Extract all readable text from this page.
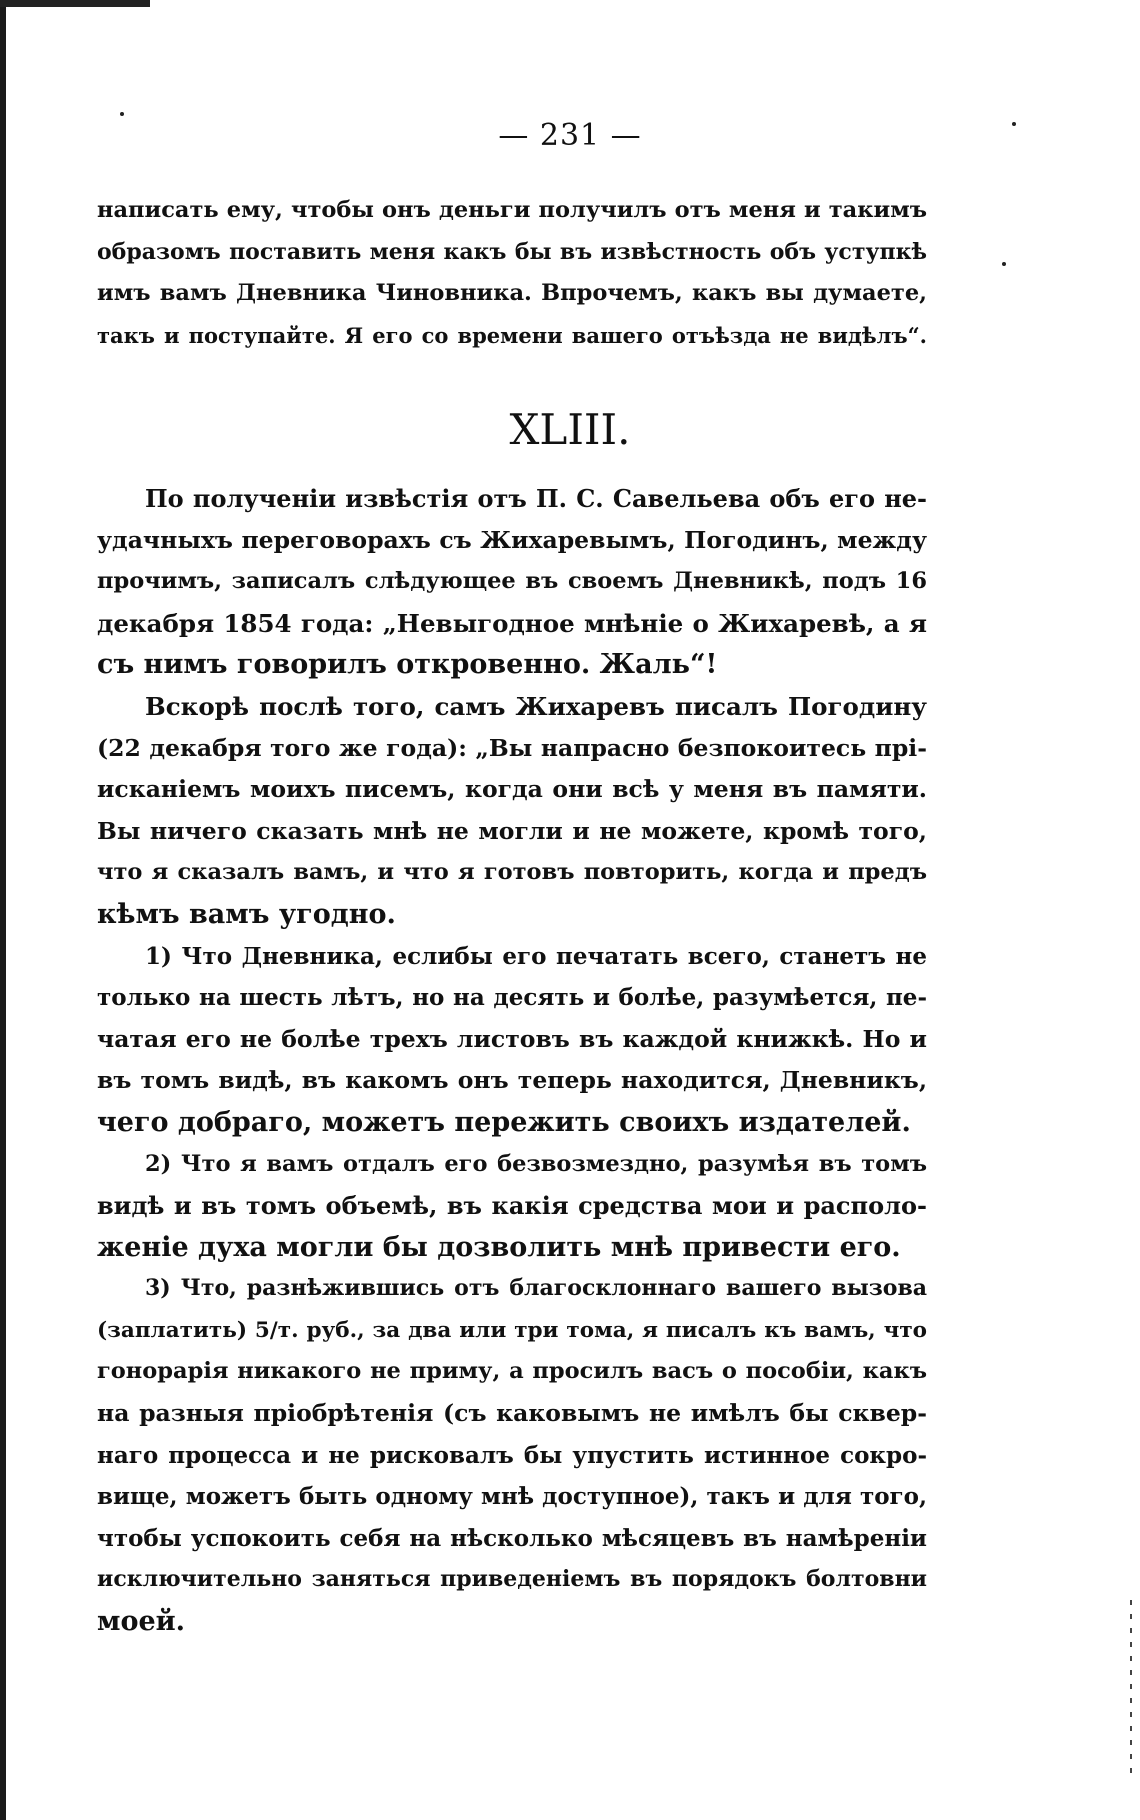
— 231 —
написать ему, чтобы онъ деньги получилъ отъ меня и такимъ
образомъ поставить меня какъ бы въ извѣстность объ уступкѣ
имъ вамъ Дневника Чиновника. Впрочемъ, какъ вы думаете,
такъ и поступайте. Я его со времени вашего отъѣзда не видѣлъ“.
XLIII.
По полученіи извѣстія отъ П. С. Савельева объ его не-
удачныхъ переговорахъ съ Жихаревымъ, Погодинъ, между
прочимъ, записалъ слѣдующее въ своемъ Дневникѣ, подъ 16
декабря 1854 года: „Невыгодное мнѣніе о Жихаревѣ, а я
съ нимъ говорилъ откровенно. Жаль“!
Вскорѣ послѣ того, самъ Жихаревъ писалъ Погодину
(22 декабря того же года): „Вы напрасно безпокоитесь прі-
исканіемъ моихъ писемъ, когда они всѣ у меня въ памяти.
Вы ничего сказать мнѣ не могли и не можете, кромѣ того,
что я сказалъ вамъ, и что я готовъ повторить, когда и предъ
кѣмъ вамъ угодно.
1) Что Дневника, еслибы его печатать всего, станетъ не
только на шесть лѣтъ, но на десять и болѣе, разумѣется, пе-
чатая его не болѣе трехъ листовъ въ каждой книжкѣ. Но и
въ томъ видѣ, въ какомъ онъ теперь находится, Дневникъ,
чего добраго, можетъ пережить своихъ издателей.
2) Что я вамъ отдалъ его безвозмездно, разумѣя въ томъ
видѣ и въ томъ объемѣ, въ какія средства мои и располо-
женіе духа могли бы дозволить мнѣ привести его.
3) Что, разнѣжившись отъ благосклоннаго вашего вызова
(заплатить) 5/т. руб., за два или три тома, я писалъ къ вамъ, что
гонорарія никакого не приму, а просилъ васъ о пособіи, какъ
на разныя пріобрѣтенія (съ каковымъ не имѣлъ бы сквер-
наго процесса и не рисковалъ бы упустить истинное сокро-
вище, можетъ быть одному мнѣ доступное), такъ и для того,
чтобы успокоить себя на нѣсколько мѣсяцевъ въ намѣреніи
исключительно заняться приведеніемъ въ порядокъ болтовни
моей.
